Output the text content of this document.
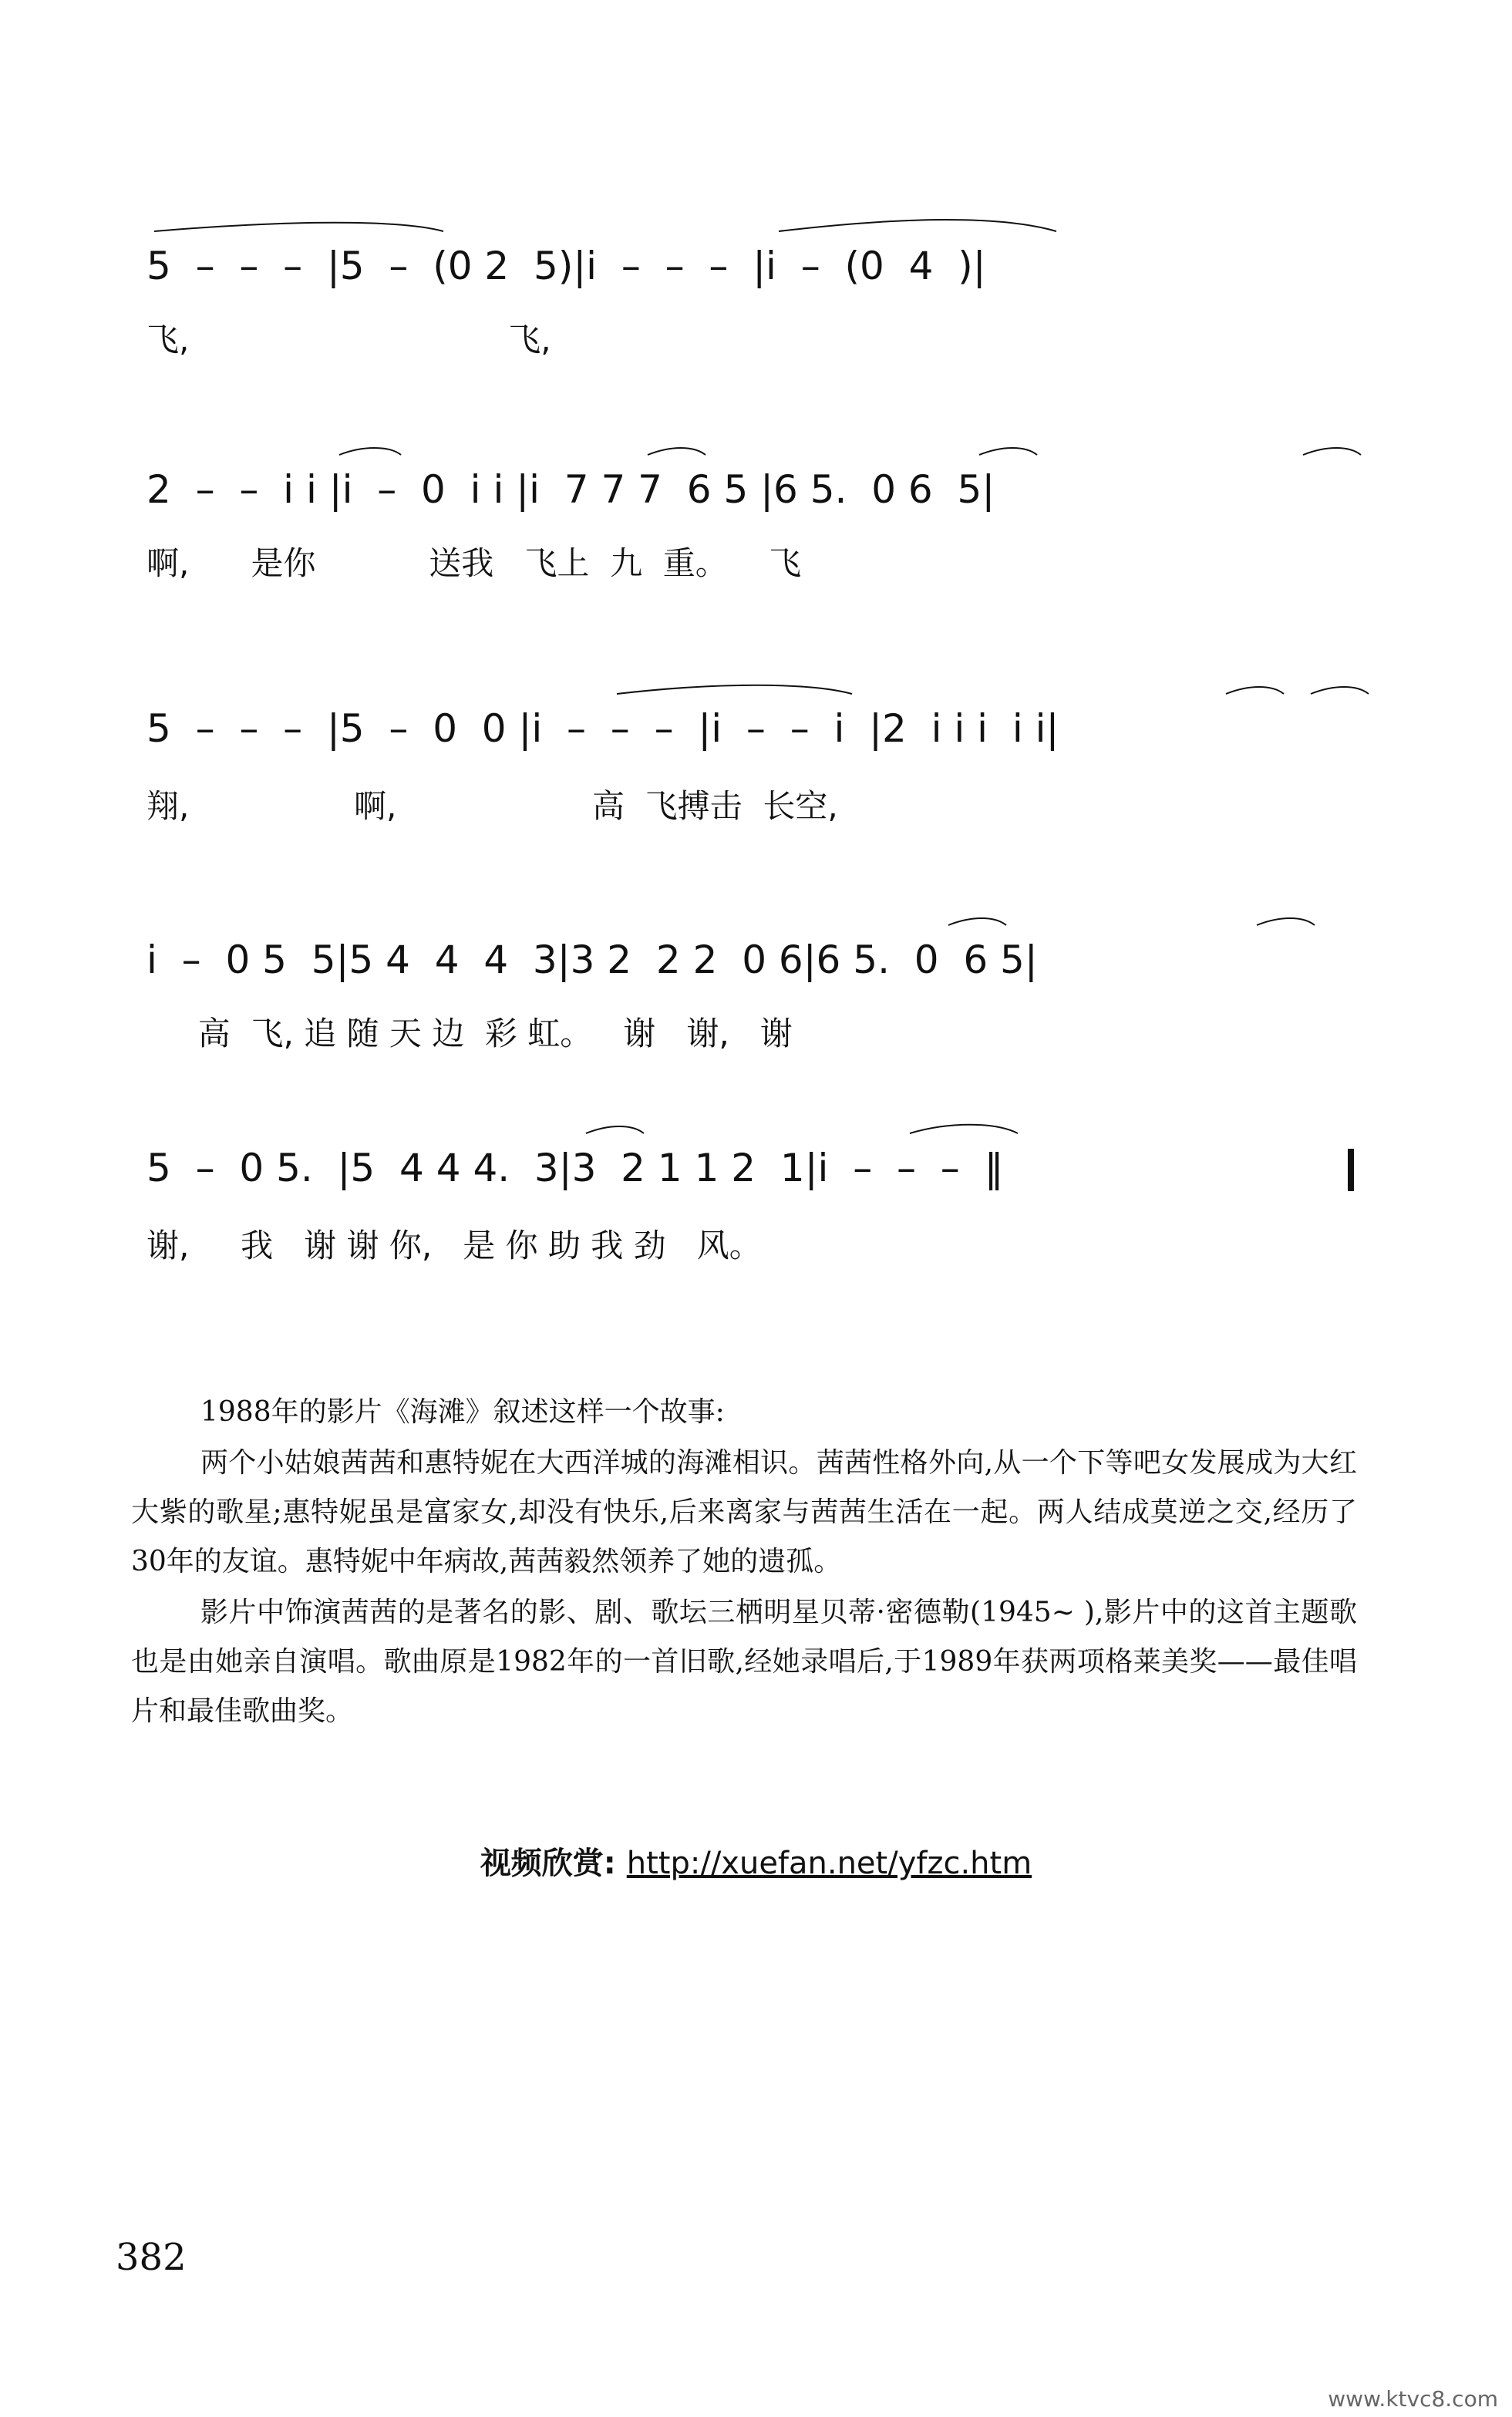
5  –  –  –  |5  –  (0 2  5)|i  –  –  –  |i  –  (0  4  )|
飞,                               飞,
2  –  –  i i |i  –  0  i i |i  7 7 7  6 5 |6 5.  0 6  5|
啊,      是你           送我   飞上  九  重。    飞
5  –  –  –  |5  –  0  0 |i  –  –  –  |i  –  –  i  |2  i i i  i i|
翔,                啊,                   高  飞搏击  长空,
i  –  0 5  5|5 4  4  4  3|3 2  2 2  0 6|6 5.  0  6 5|
高  飞, 追 随 天 边  彩 虹。   谢   谢,   谢
5  –  0 5.  |5  4 4 4.  3|3  2 1 1 2  1|i  –  –  –  ‖
谢,     我   谢 谢 你,   是 你 助 我 劲   风。
1988年的影片《海滩》叙述这样一个故事:
两个小姑娘茜茜和惠特妮在大西洋城的海滩相识。茜茜性格外向,从一个下等吧女发展成为大红大紫的歌星;惠特妮虽是富家女,却没有快乐,后来离家与茜茜生活在一起。两人结成莫逆之交,经历了30年的友谊。惠特妮中年病故,茜茜毅然领养了她的遗孤。
影片中饰演茜茜的是著名的影、剧、歌坛三栖明星贝蒂·密德勒(1945~ ),影片中的这首主题歌也是由她亲自演唱。歌曲原是1982年的一首旧歌,经她录唱后,于1989年获两项格莱美奖——最佳唱片和最佳歌曲奖。
视频欣赏: http://xuefan.net/yfzc.htm
382
www.ktvc8.com
